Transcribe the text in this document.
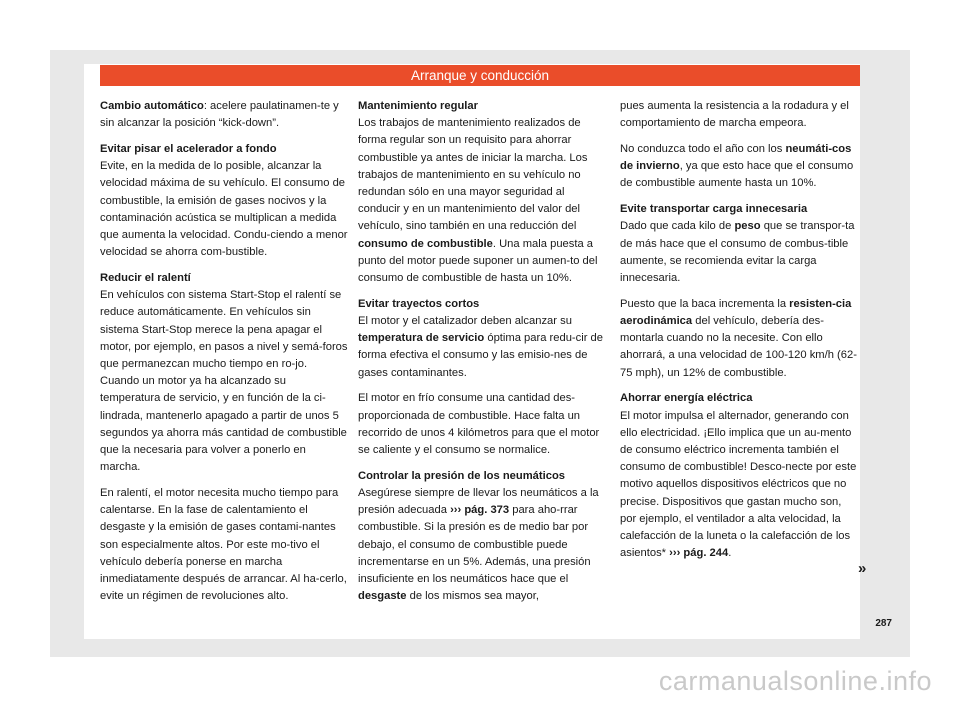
Arranque y conducción

Cambio automático: acelere paulatinamen-te y sin alcanzar la posición “kick-down”.

Evitar pisar el acelerador a fondo

Evite, en la medida de lo posible, alcanzar la velocidad máxima de su vehículo. El consumo de combustible, la emisión de gases nocivos y la contaminación acústica se multiplican a medida que aumenta la velocidad. Condu-ciendo a menor velocidad se ahorra com-bustible.

Reducir el ralentí

En vehículos con sistema Start-Stop el ralentí se reduce automáticamente. En vehículos sin sistema Start-Stop merece la pena apagar el motor, por ejemplo, en pasos a nivel y semá-foros que permanezcan mucho tiempo en ro-jo. Cuando un motor ya ha alcanzado su temperatura de servicio, y en función de la ci-lindrada, mantenerlo apagado a partir de unos 5 segundos ya ahorra más cantidad de combustible que la necesaria para volver a ponerlo en marcha.

En ralentí, el motor necesita mucho tiempo para calentarse. En la fase de calentamiento el desgaste y la emisión de gases contami-nantes son especialmente altos. Por este mo-tivo el vehículo debería ponerse en marcha inmediatamente después de arrancar. Al ha-cerlo, evite un régimen de revoluciones alto.

Mantenimiento regular

Los trabajos de mantenimiento realizados de forma regular son un requisito para ahorrar combustible ya antes de iniciar la marcha. Los trabajos de mantenimiento en su vehículo no redundan sólo en una mayor seguridad al conducir y en un mantenimiento del valor del vehículo, sino también en una reducción del consumo de combustible. Una mala puesta a punto del motor puede suponer un aumen-to del consumo de combustible de hasta un 10%.

Evitar trayectos cortos

El motor y el catalizador deben alcanzar su temperatura de servicio óptima para redu-cir de forma efectiva el consumo y las emisio-nes de gases contaminantes.

El motor en frío consume una cantidad des-proporcionada de combustible. Hace falta un recorrido de unos 4 kilómetros para que el motor se caliente y el consumo se normalice.

Controlar la presión de los neumáticos

Asegúrese siempre de llevar los neumáticos a la presión adecuada ››› pág. 373 para aho-rrar combustible. Si la presión es de medio bar por debajo, el consumo de combustible puede incrementarse en un 5%. Además, una presión insuficiente en los neumáticos hace que el desgaste de los mismos sea mayor,

pues aumenta la resistencia a la rodadura y el comportamiento de marcha empeora.

No conduzca todo el año con los neumáti-cos de invierno, ya que esto hace que el consumo de combustible aumente hasta un 10%.

Evite transportar carga innecesaria

Dado que cada kilo de peso que se transpor-ta de más hace que el consumo de combus-tible aumente, se recomienda evitar la carga innecesaria.

Puesto que la baca incrementa la resisten-cia aerodinámica del vehículo, debería des-montarla cuando no la necesite. Con ello ahorrará, a una velocidad de 100-120 km/h (62-75 mph), un 12% de combustible.

Ahorrar energía eléctrica

El motor impulsa el alternador, generando con ello electricidad. ¡Ello implica que un au-mento de consumo eléctrico incrementa también el consumo de combustible! Desco-necte por este motivo aquellos dispositivos eléctricos que no precise. Dispositivos que gastan mucho son, por ejemplo, el ventilador a alta velocidad, la calefacción de la luneta o la calefacción de los asientos* ››› pág. 244.

»
287
carmanualsonline.info
